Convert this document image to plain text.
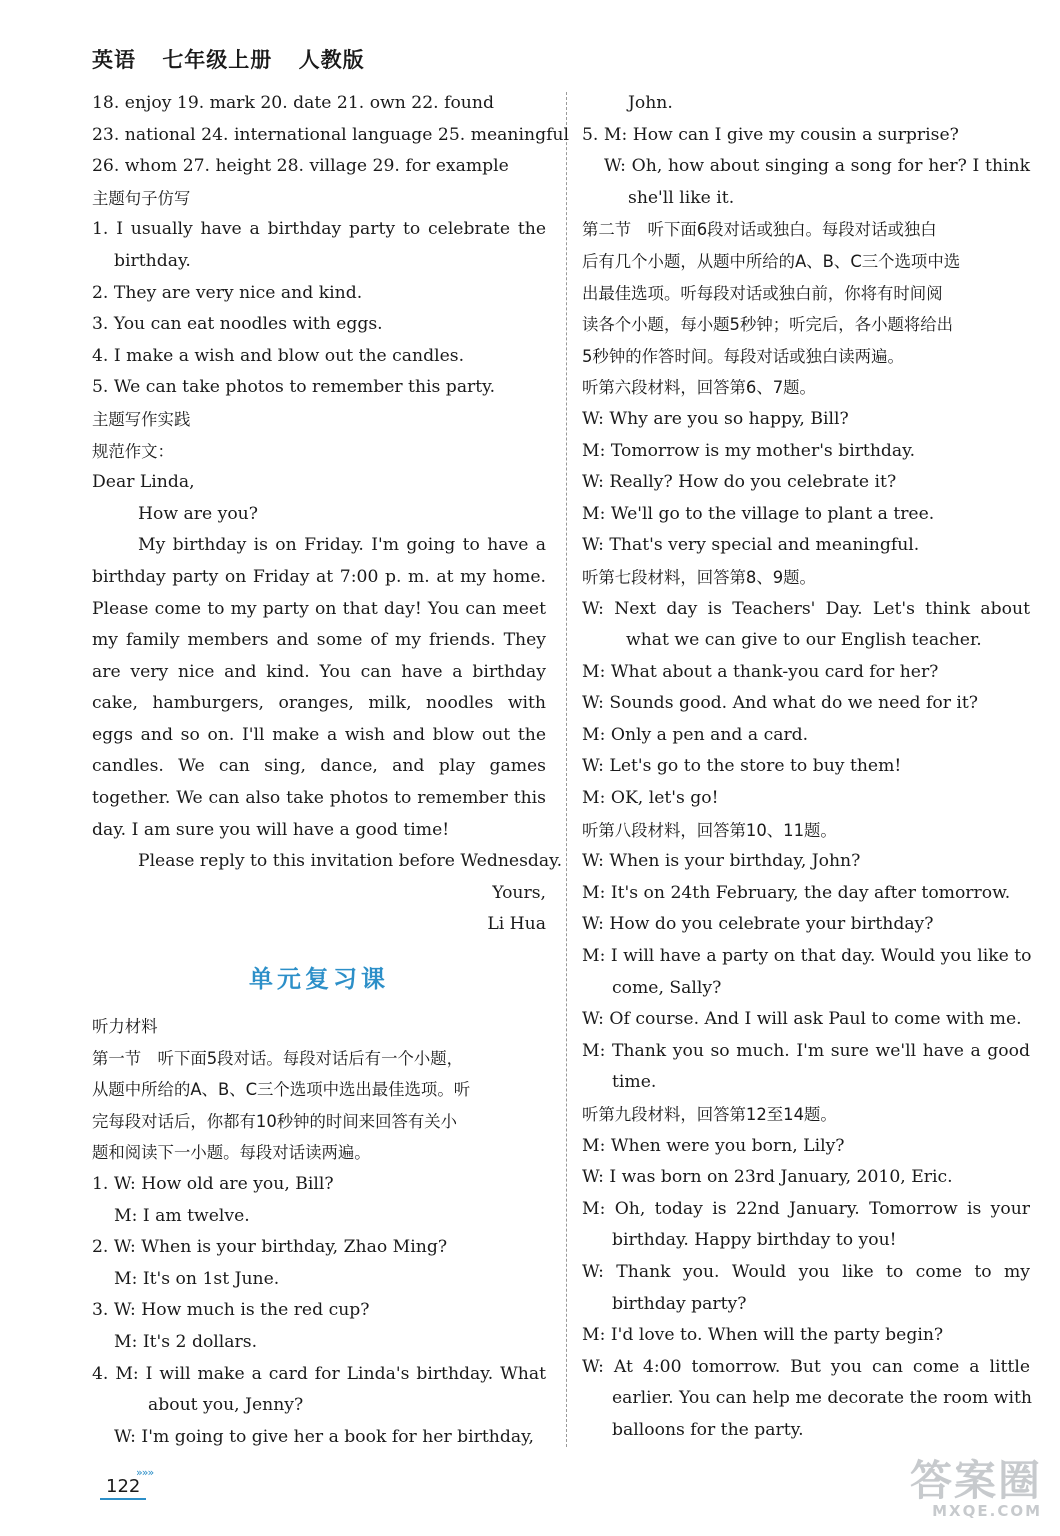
英语 七年级上册 人教版
18. enjoy 19. mark 20. date 21. own 22. found
23. national 24. international language 25. meaningful
26. whom 27. height 28. village 29. for example
主题句子仿写
1. I usually have a birthday party to celebrate the
birthday.
2. They are very nice and kind.
3. You can eat noodles with eggs.
4. I make a wish and blow out the candles.
5. We can take photos to remember this party.
主题写作实践
规范作文：
Dear Linda,
How are you?
My birthday is on Friday. I'm going to have a
birthday party on Friday at 7:00 p. m. at my home.
Please come to my party on that day! You can meet
my family members and some of my friends. They
are very nice and kind. You can have a birthday
cake, hamburgers, oranges, milk, noodles with
eggs and so on. I'll make a wish and blow out the
candles. We can sing, dance, and play games
together. We can also take photos to remember this
day. I am sure you will have a good time!
Please reply to this invitation before Wednesday.
Yours,
Li Hua
单元复习课
听力材料
第一节　听下面5段对话。每段对话后有一个小题，
从题中所给的A、B、C三个选项中选出最佳选项。听
完每段对话后，你都有10秒钟的时间来回答有关小
题和阅读下一小题。每段对话读两遍。
1. W: How old are you, Bill?
M: I am twelve.
2. W: When is your birthday, Zhao Ming?
M: It's on 1st June.
3. W: How much is the red cup?
M: It's 2 dollars.
4. M: I will make a card for Linda's birthday. What
about you, Jenny?
W: I'm going to give her a book for her birthday,
John.
5. M: How can I give my cousin a surprise?
W: Oh, how about singing a song for her? I think
she'll like it.
第二节　听下面6段对话或独白。每段对话或独白
后有几个小题，从题中所给的A、B、C三个选项中选
出最佳选项。听每段对话或独白前，你将有时间阅
读各个小题，每小题5秒钟；听完后，各小题将给出
5秒钟的作答时间。每段对话或独白读两遍。
听第六段材料，回答第6、7题。
W: Why are you so happy, Bill?
M: Tomorrow is my mother's birthday.
W: Really? How do you celebrate it?
M: We'll go to the village to plant a tree.
W: That's very special and meaningful.
听第七段材料，回答第8、9题。
W: Next day is Teachers' Day. Let's think about
what we can give to our English teacher.
M: What about a thank-you card for her?
W: Sounds good. And what do we need for it?
M: Only a pen and a card.
W: Let's go to the store to buy them!
M: OK, let's go!
听第八段材料，回答第10、11题。
W: When is your birthday, John?
M: It's on 24th February, the day after tomorrow.
W: How do you celebrate your birthday?
M: I will have a party on that day. Would you like to
come, Sally?
W: Of course. And I will ask Paul to come with me.
M: Thank you so much. I'm sure we'll have a good
time.
听第九段材料，回答第12至14题。
M: When were you born, Lily?
W: I was born on 23rd January, 2010, Eric.
M: Oh, today is 22nd January. Tomorrow is your
birthday. Happy birthday to you!
W: Thank you. Would you like to come to my
birthday party?
M: I'd love to. When will the party begin?
W: At 4:00 tomorrow. But you can come a little
earlier. You can help me decorate the room with
balloons for the party.
»»»
122	答案圈
MXQE.COM
